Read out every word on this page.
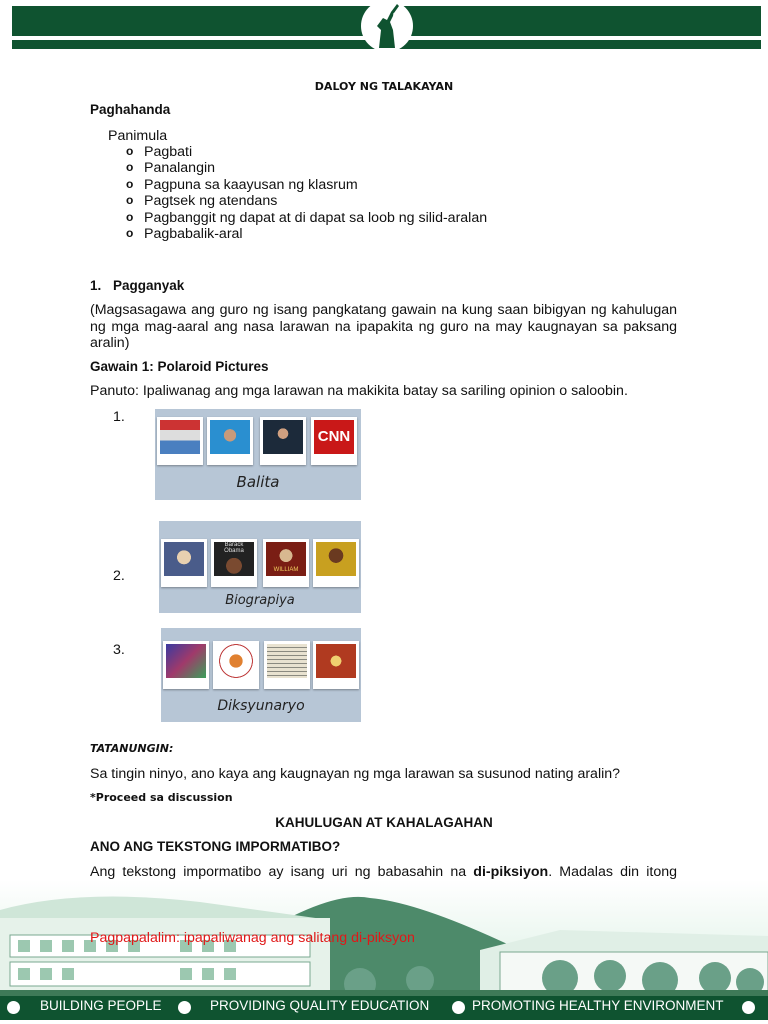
DALOY NG TALAKAYAN
Paghahanda
Panimula
o Pagbati
o Panalangin
o Pagpuna sa kaayusan ng klasrum
o Pagtsek ng atendans
o Pagbanggit ng dapat at di dapat sa loob ng silid-aralan
o Pagbabalik-aral
1. Pagganyak
(Magsasagawa ang guro ng isang pangkatang gawain na kung saan bibigyan ng kahulugan ng mga mag-aaral ang nasa larawan na ipapakita ng guro na may kaugnayan sa paksang aralin)
Gawain 1: Polaroid Pictures
Panuto: Ipaliwanag ang mga larawan na makikita batay sa sariling opinion o saloobin.
1.
CNN
Balita
2.
Barack Obama
WILLIAM
Biograpiya
3.
Diksyunaryo
TATANUNGIN:
Sa tingin ninyo, ano kaya ang kaugnayan ng mga larawan sa susunod nating aralin?
*Proceed sa discussion
KAHULUGAN AT KAHALAGAHAN
ANO ANG TEKSTONG IMPORMATIBO?
Ang tekstong impormatibo ay isang uri ng babasahin na di-piksiyon. Madalas din itong
Pagpapalalim: ipapaliwanag ang salitang di-piksyon
BUILDING PEOPLE	PROVIDING QUALITY EDUCATION	PROMOTING HEALTHY ENVIRONMENT
